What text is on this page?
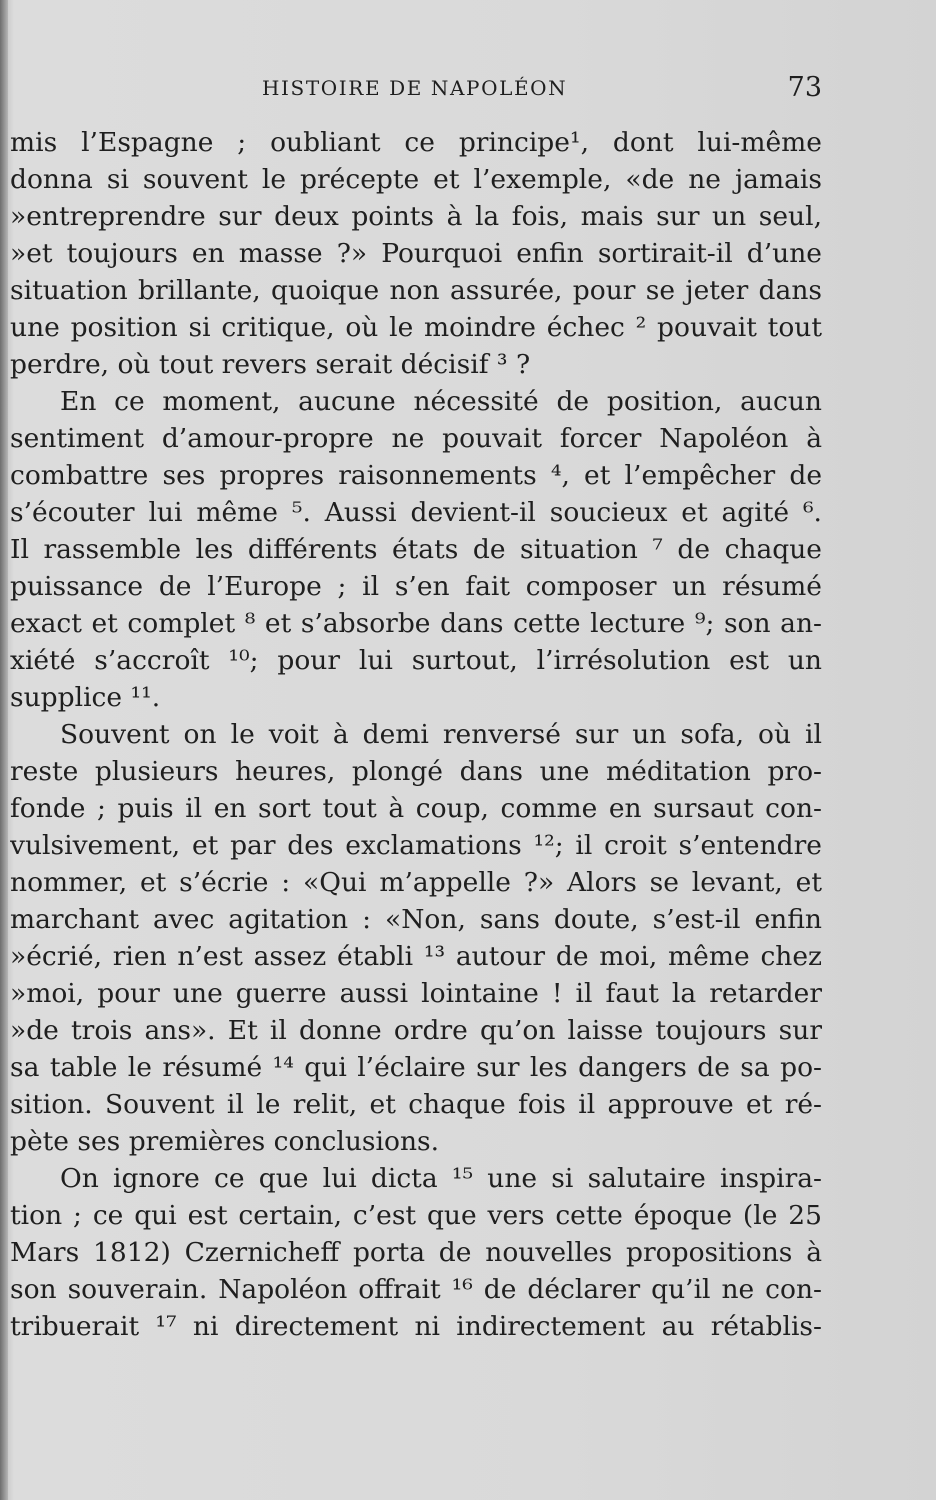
HISTOIRE DE NAPOLÉON	73
mis l’Espagne ; oubliant ce principe¹, dont lui-même
donna si souvent le précepte et l’exemple, «de ne jamais
»entreprendre sur deux points à la fois, mais sur un seul,
»et toujours en masse ?» Pourquoi enfin sortirait-il d’une
situation brillante, quoique non assurée, pour se jeter dans
une position si critique, où le moindre échec ² pouvait tout
perdre, où tout revers serait décisif ³ ?
En ce moment, aucune nécessité de position, aucun
sentiment d’amour-propre ne pouvait forcer Napoléon à
combattre ses propres raisonnements ⁴, et l’empêcher de
s’écouter lui même ⁵. Aussi devient-il soucieux et agité ⁶.
Il rassemble les différents états de situation ⁷ de chaque
puissance de l’Europe ; il s’en fait composer un résumé
exact et complet ⁸ et s’absorbe dans cette lecture ⁹; son an-
xiété s’accroît ¹⁰; pour lui surtout, l’irrésolution est un
supplice ¹¹.
Souvent on le voit à demi renversé sur un sofa, où il
reste plusieurs heures, plongé dans une méditation pro-
fonde ; puis il en sort tout à coup, comme en sursaut con-
vulsivement, et par des exclamations ¹²; il croit s’entendre
nommer, et s’écrie : «Qui m’appelle ?» Alors se levant, et
marchant avec agitation : «Non, sans doute, s’est-il enfin
»écrié, rien n’est assez établi ¹³ autour de moi, même chez
»moi, pour une guerre aussi lointaine ! il faut la retarder
»de trois ans». Et il donne ordre qu’on laisse toujours sur
sa table le résumé ¹⁴ qui l’éclaire sur les dangers de sa po-
sition. Souvent il le relit, et chaque fois il approuve et ré-
pète ses premières conclusions.
On ignore ce que lui dicta ¹⁵ une si salutaire inspira-
tion ; ce qui est certain, c’est que vers cette époque (le 25
Mars 1812) Czernicheff porta de nouvelles propositions à
son souverain. Napoléon offrait ¹⁶ de déclarer qu’il ne con-
tribuerait ¹⁷ ni directement ni indirectement au rétablis-
